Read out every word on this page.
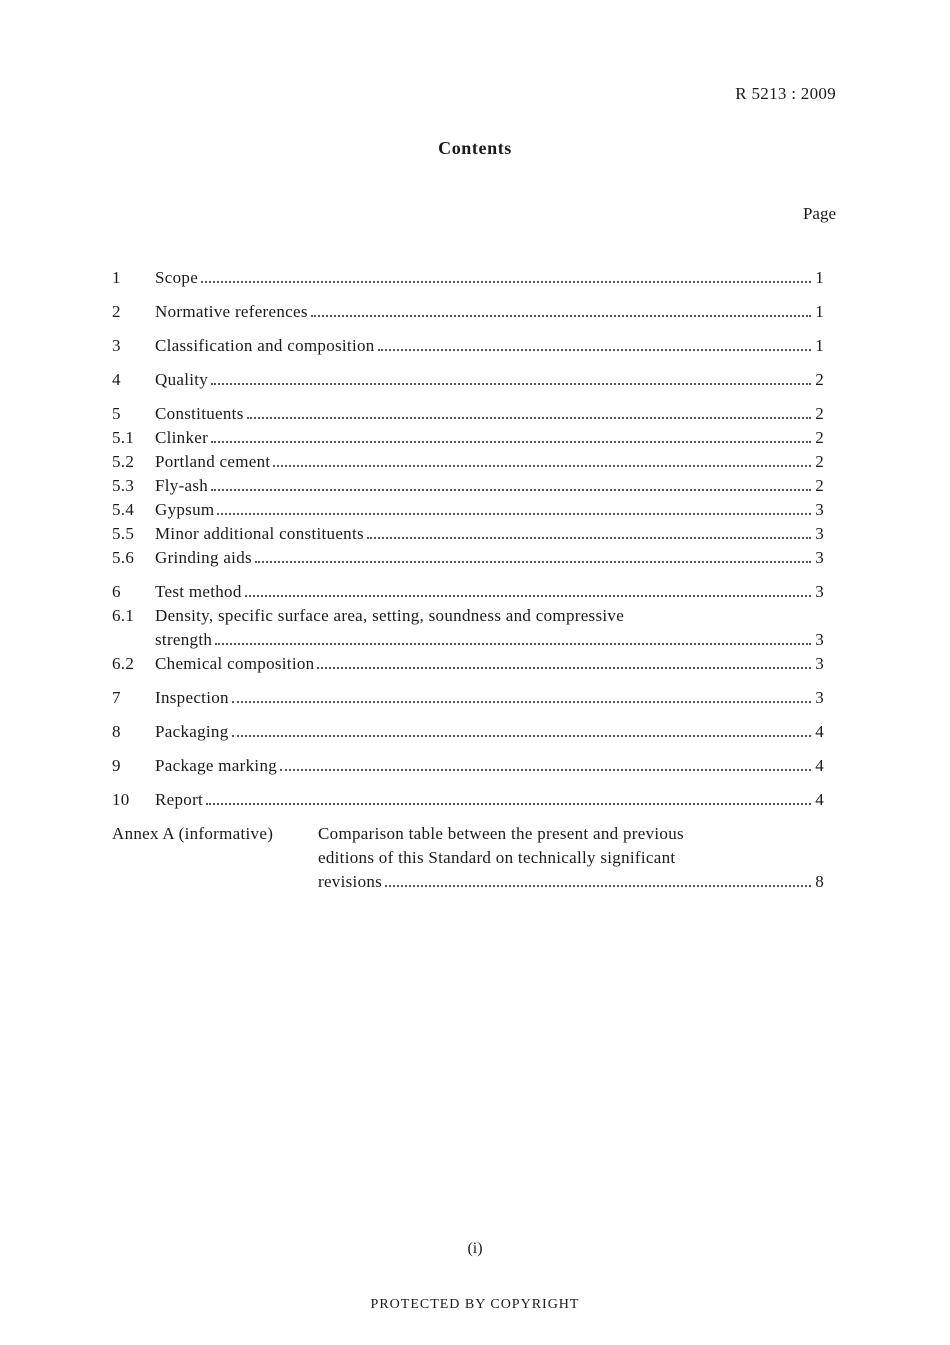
R 5213 : 2009
Contents
Page
1	Scope	1
2	Normative references	1
3	Classification and composition	1
4	Quality	2
5	Constituents	2
5.1	Clinker	2
5.2	Portland cement	2
5.3	Fly-ash	2
5.4	Gypsum	3
5.5	Minor additional constituents	3
5.6	Grinding aids	3
6	Test method	3
6.1	Density, specific surface area, setting, soundness and compressive
strength	3
6.2	Chemical composition	3
7	Inspection	3
8	Packaging	4
9	Package marking	4
10	Report	4
Annex A (informative)	Comparison table between the present and previous
editions of this Standard on technically significant
revisions	8
(i)
PROTECTED BY COPYRIGHT
